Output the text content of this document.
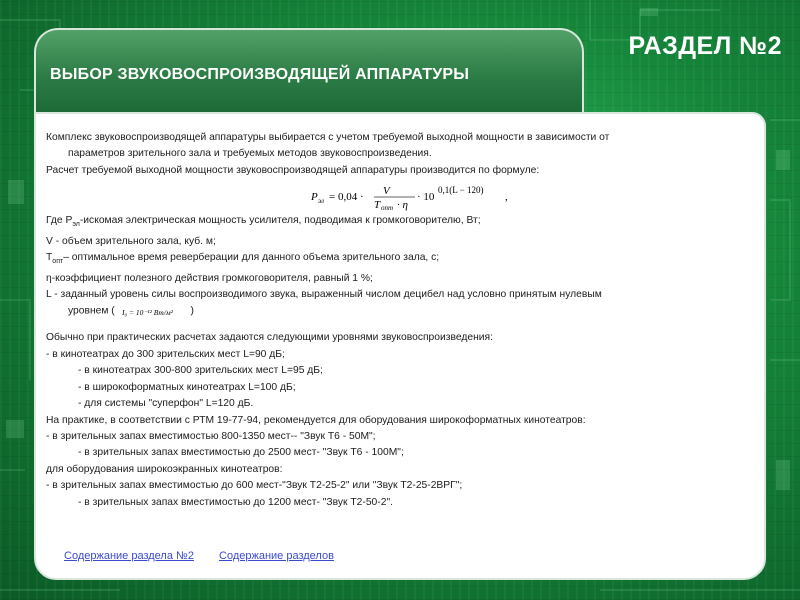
ВЫБОР ЗВУКОВОСПРОИЗВОДЯЩЕЙ АППАРАТУРЫ
РАЗДЕЛ №2

Комплекс звуковоспроизводящей аппаратуры выбирается с учетом требуемой выходной мощности в зависимости от

параметров зрительного зала и требуемых методов звуковоспроизведения.

Расчет требуемой выходной мощности звуковоспроизводящей аппаратуры производится по формуле:

P эл = 0,04 · V
T опт · η
· 10
0,1(L − 120)
,

Где $Р_{эл}$-искомая электрическая мощность усилителя, подводимая к громкоговорителю, Вт;

V - объем зрительного зала, куб. м;

$T_{опт}-$ оптимальное время реверберации для данного объема зрительного зала, с;

η-коэффициент полезного действия громкоговорителя, равный 1 %;

L - заданный уровень силы воспроизводимого звука, выраженный числом децибел над условно принятым нулевым

уровнем ( I₀ = 10⁻¹² Вт/м² )

Обычно при практических расчетах задаются следующими уровнями звуковоспроизведения:

- в кинотеатрах до 300 зрительских мест L=90 дБ;

- в кинотеатрах 300-800 зрительских мест L=95 дБ;

- в широкоформатных кинотеатрах L=100 дБ;

- для системы "суперфон" L=120 дБ.

На практике, в соответствии с РТМ 19-77-94, рекомендуется для оборудования широкоформатных кинотеатров:

- в зрительных запах вместимостью 800-1350 мест-- "Звук Т6 - 50М";

- в зрительных запах вместимостью до 2500 мест- "Звук Т6 - 100М";

для оборудования широкоэкранных кинотеатров:

- в зрительных запах вместимостью до 600 мест-"Звук Т2-25-2" или "Звук Т2-25-2ВРГ";

- в зрительных запах вместимостью до 1200 мест- "Звук Т2-50-2".

Содержание раздела №2 Содержание разделов
